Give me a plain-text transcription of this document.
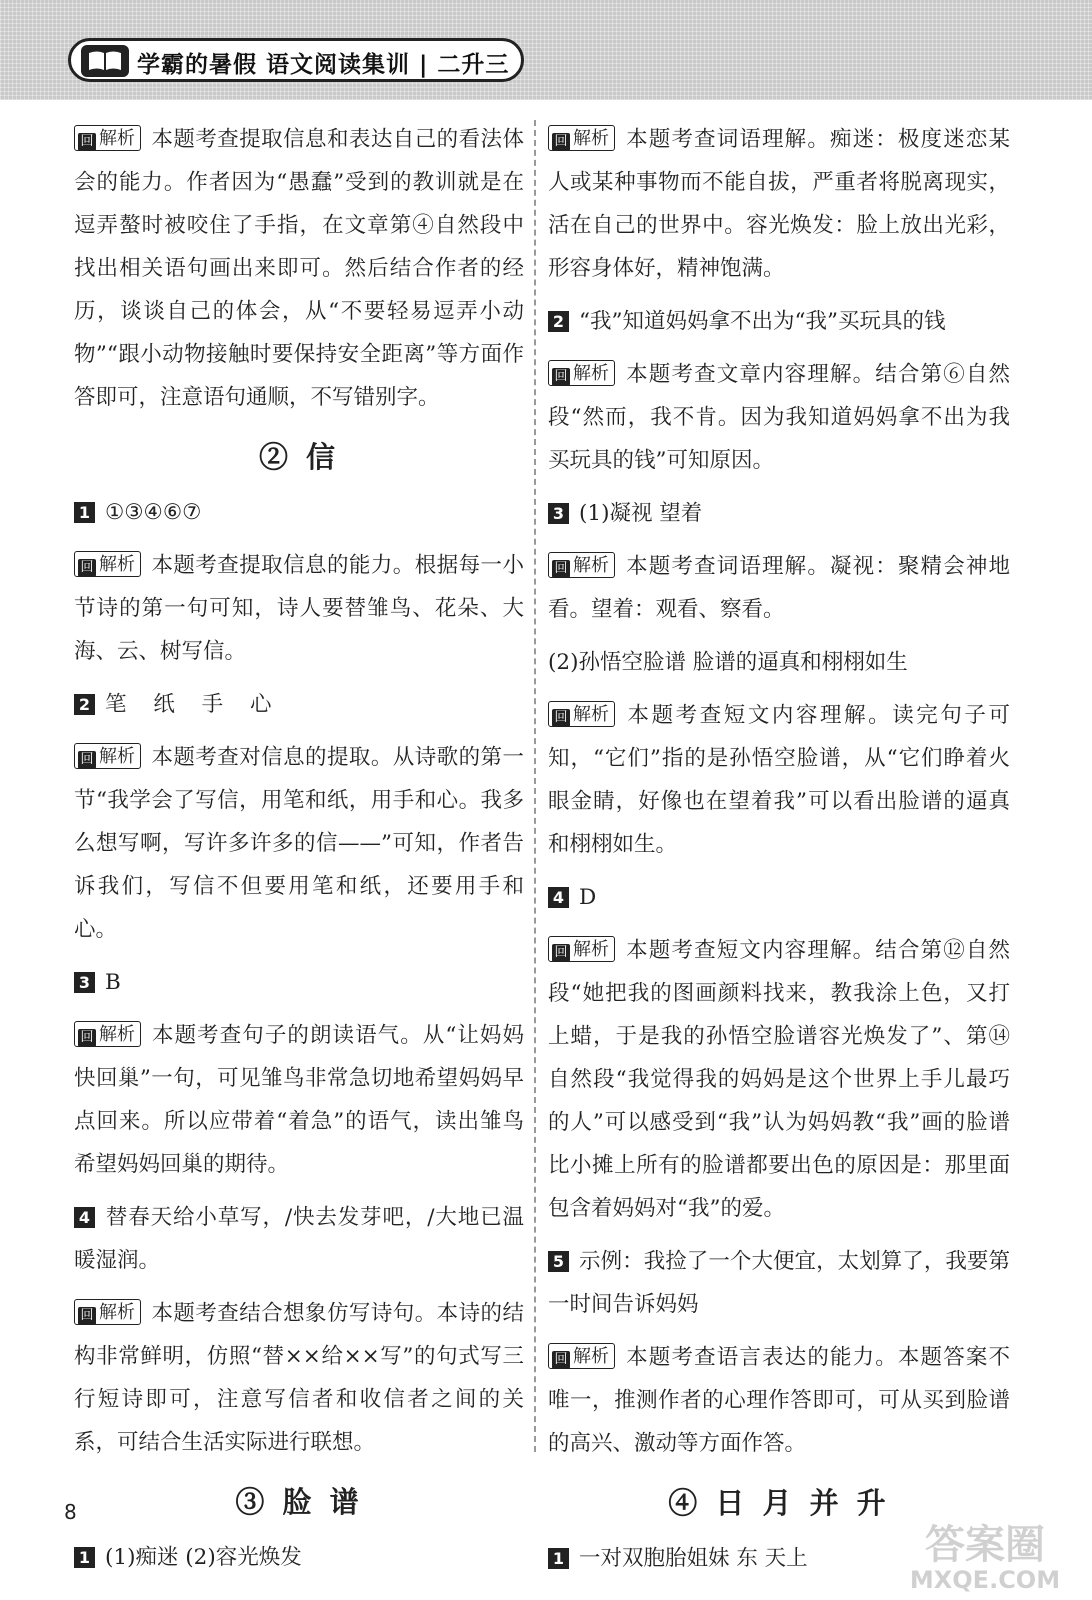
学霸的暑假 语文阅读集训 | 二升三

回 解析 本题考查提取信息和表达自己的看法体会的能力。作者因为“愚蠢”受到的教训就是在逗弄螯时被咬住了手指，在文章第④自然段中找出相关语句画出来即可。然后结合作者的经历，谈谈自己的体会，从“不要轻易逗弄小动物”“跟小动物接触时要保持安全距离”等方面作答即可，注意语句通顺，不写错别字。

② 信

1 ①③④⑥⑦

回 解析 本题考查提取信息的能力。根据每一小节诗的第一句可知，诗人要替雏鸟、花朵、大海、云、树写信。

2 笔 纸 手 心

回 解析 本题考查对信息的提取。从诗歌的第一节“我学会了写信，用笔和纸，用手和心。我多么想写啊，写许多许多的信——”可知，作者告诉我们，写信不但要用笔和纸，还要用手和心。

3 B

回 解析 本题考查句子的朗读语气。从“让妈妈快回巢”一句，可见雏鸟非常急切地希望妈妈早点回来。所以应带着“着急”的语气，读出雏鸟希望妈妈回巢的期待。

4 替春天给小草写，/快去发芽吧，/大地已温暖湿润。

回 解析 本题考查结合想象仿写诗句。本诗的结构非常鲜明，仿照“替××给××写”的句式写三行短诗即可，注意写信者和收信者之间的关系，可结合生活实际进行联想。

③ 脸 谱

1 (1)痴迷 (2)容光焕发

回 解析 本题考查词语理解。痴迷：极度迷恋某人或某种事物而不能自拔，严重者将脱离现实，活在自己的世界中。容光焕发：脸上放出光彩，形容身体好，精神饱满。

2 “我”知道妈妈拿不出为“我”买玩具的钱

回 解析 本题考查文章内容理解。结合第⑥自然段“然而，我不肯。因为我知道妈妈拿不出为我买玩具的钱”可知原因。

3 (1)凝视 望着

回 解析 本题考查词语理解。凝视：聚精会神地看。望着：观看、察看。

(2)孙悟空脸谱 脸谱的逼真和栩栩如生

回 解析 本题考查短文内容理解。读完句子可知，“它们”指的是孙悟空脸谱，从“它们睁着火眼金睛，好像也在望着我”可以看出脸谱的逼真和栩栩如生。

4 D

回 解析 本题考查短文内容理解。结合第⑫自然段“她把我的图画颜料找来，教我涂上色，又打上蜡，于是我的孙悟空脸谱容光焕发了”、第⑭自然段“我觉得我的妈妈是这个世界上手儿最巧的人”可以感受到“我”认为妈妈教“我”画的脸谱比小摊上所有的脸谱都要出色的原因是：那里面包含着妈妈对“我”的爱。

5 示例：我捡了一个大便宜，太划算了，我要第一时间告诉妈妈

回 解析 本题考查语言表达的能力。本题答案不唯一，推测作者的心理作答即可，可从买到脸谱的高兴、激动等方面作答。

④ 日 月 并 升

1 一对双胞胎姐妹 东 天上

8
答案圈
MXQE.COM
